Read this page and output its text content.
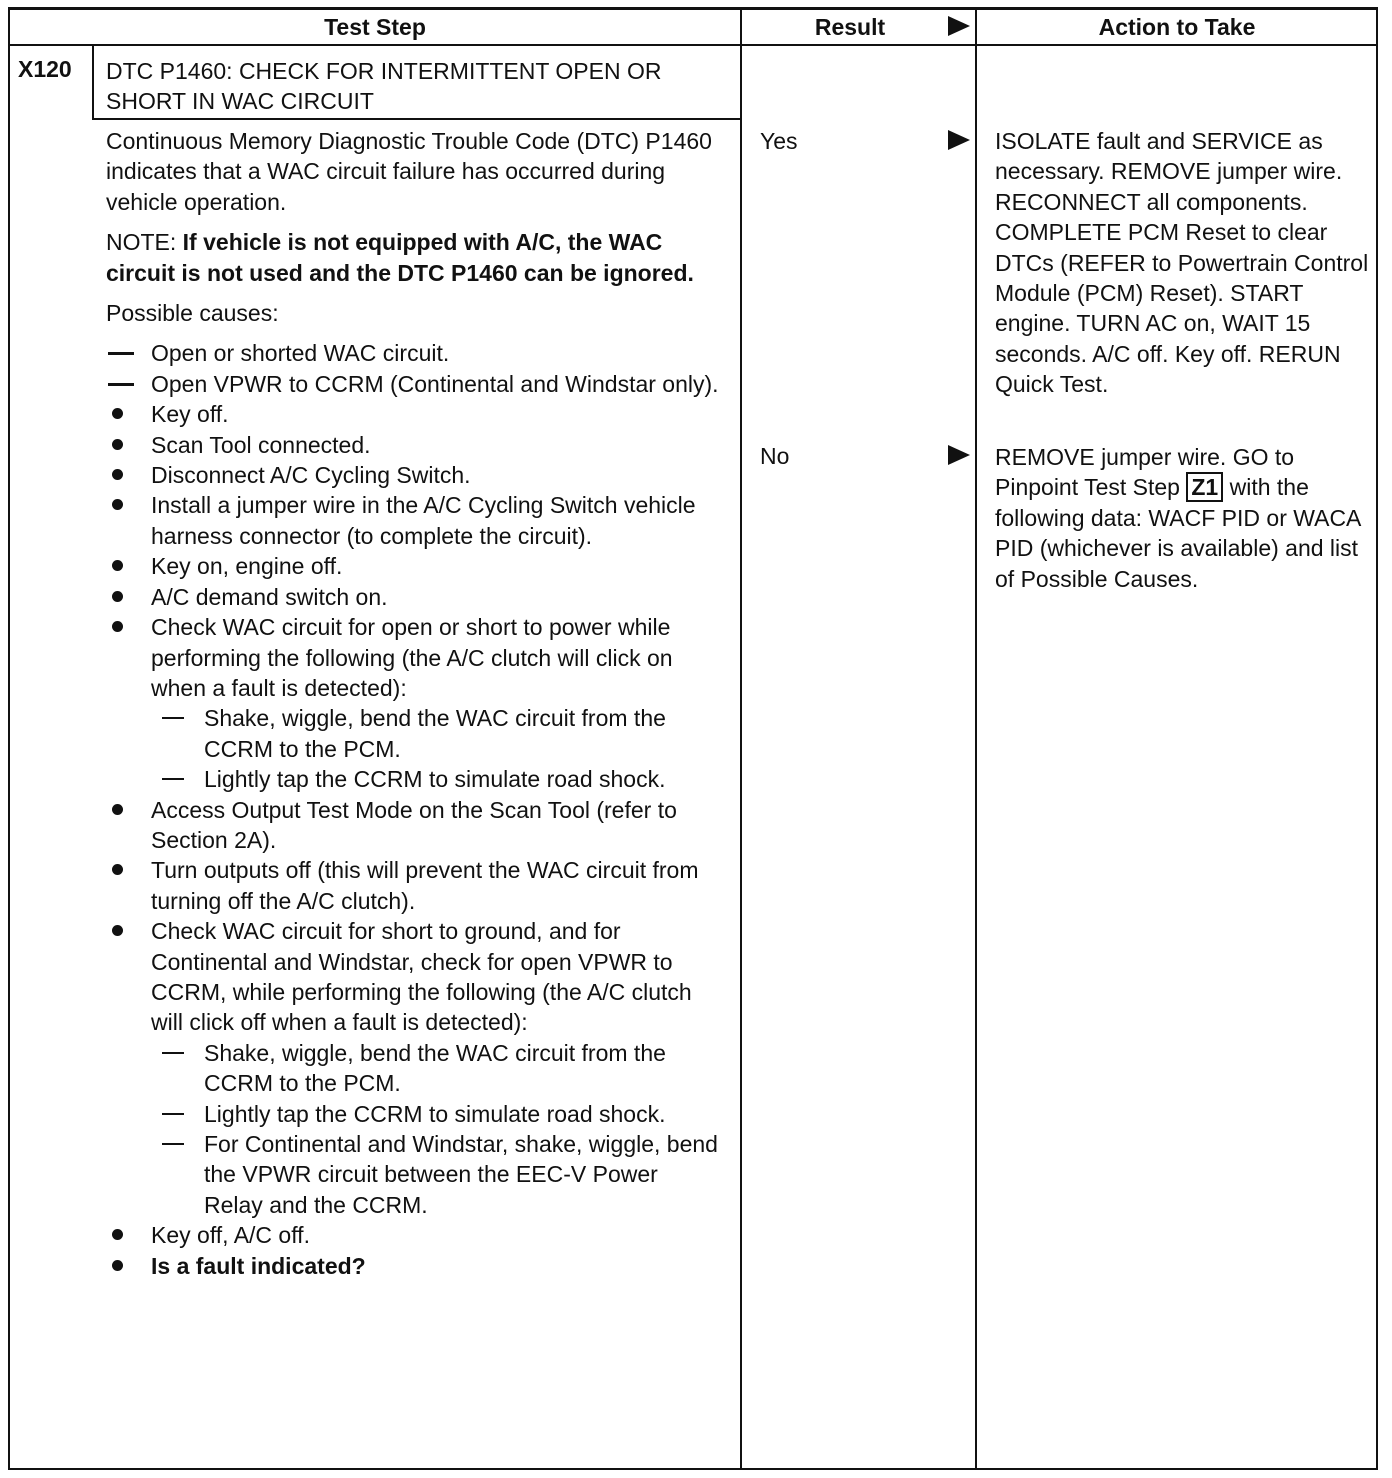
Test Step	Result	Action to Take
X120 DTC P1460: CHECK FOR INTERMITTENT OPEN OR SHORT IN WAC CIRCUIT

Continuous Memory Diagnostic Trouble Code (DTC) P1460 indicates that a WAC circuit failure has occurred during vehicle operation.

NOTE: If vehicle is not equipped with A/C, the WAC circuit is not used and the DTC P1460 can be ignored.

Possible causes:

Open or shorted WAC circuit.
Open VPWR to CCRM (Continental and Windstar only).
Key off.
Scan Tool connected.
Disconnect A/C Cycling Switch.
Install a jumper wire in the A/C Cycling Switch vehicle harness connector (to complete the circuit).
Key on, engine off.
A/C demand switch on.
Check WAC circuit for open or short to power while performing the following (the A/C clutch will click on when a fault is detected):
Shake, wiggle, bend the WAC circuit from the CCRM to the PCM.
Lightly tap the CCRM to simulate road shock.
Access Output Test Mode on the Scan Tool (refer to Section 2A).
Turn outputs off (this will prevent the WAC circuit from turning off the A/C clutch).
Check WAC circuit for short to ground, and for Continental and Windstar, check for open VPWR to CCRM, while performing the following (the A/C clutch will click off when a fault is detected):
Shake, wiggle, bend the WAC circuit from the CCRM to the PCM.
Lightly tap the CCRM to simulate road shock.
For Continental and Windstar, shake, wiggle, bend the VPWR circuit between the EEC-V Power Relay and the CCRM.
Key off, A/C off.
Is a fault indicated?
Yes
No
ISOLATE fault and SERVICE as necessary. REMOVE jumper wire. RECONNECT all components. COMPLETE PCM Reset to clear DTCs (REFER to Powertrain Control Module (PCM) Reset). START engine. TURN AC on, WAIT 15 seconds. A/C off. Key off. RERUN Quick Test.
REMOVE jumper wire. GO to Pinpoint Test Step Z1 with the following data: WACF PID or WACA PID (whichever is available) and list of Possible Causes.
